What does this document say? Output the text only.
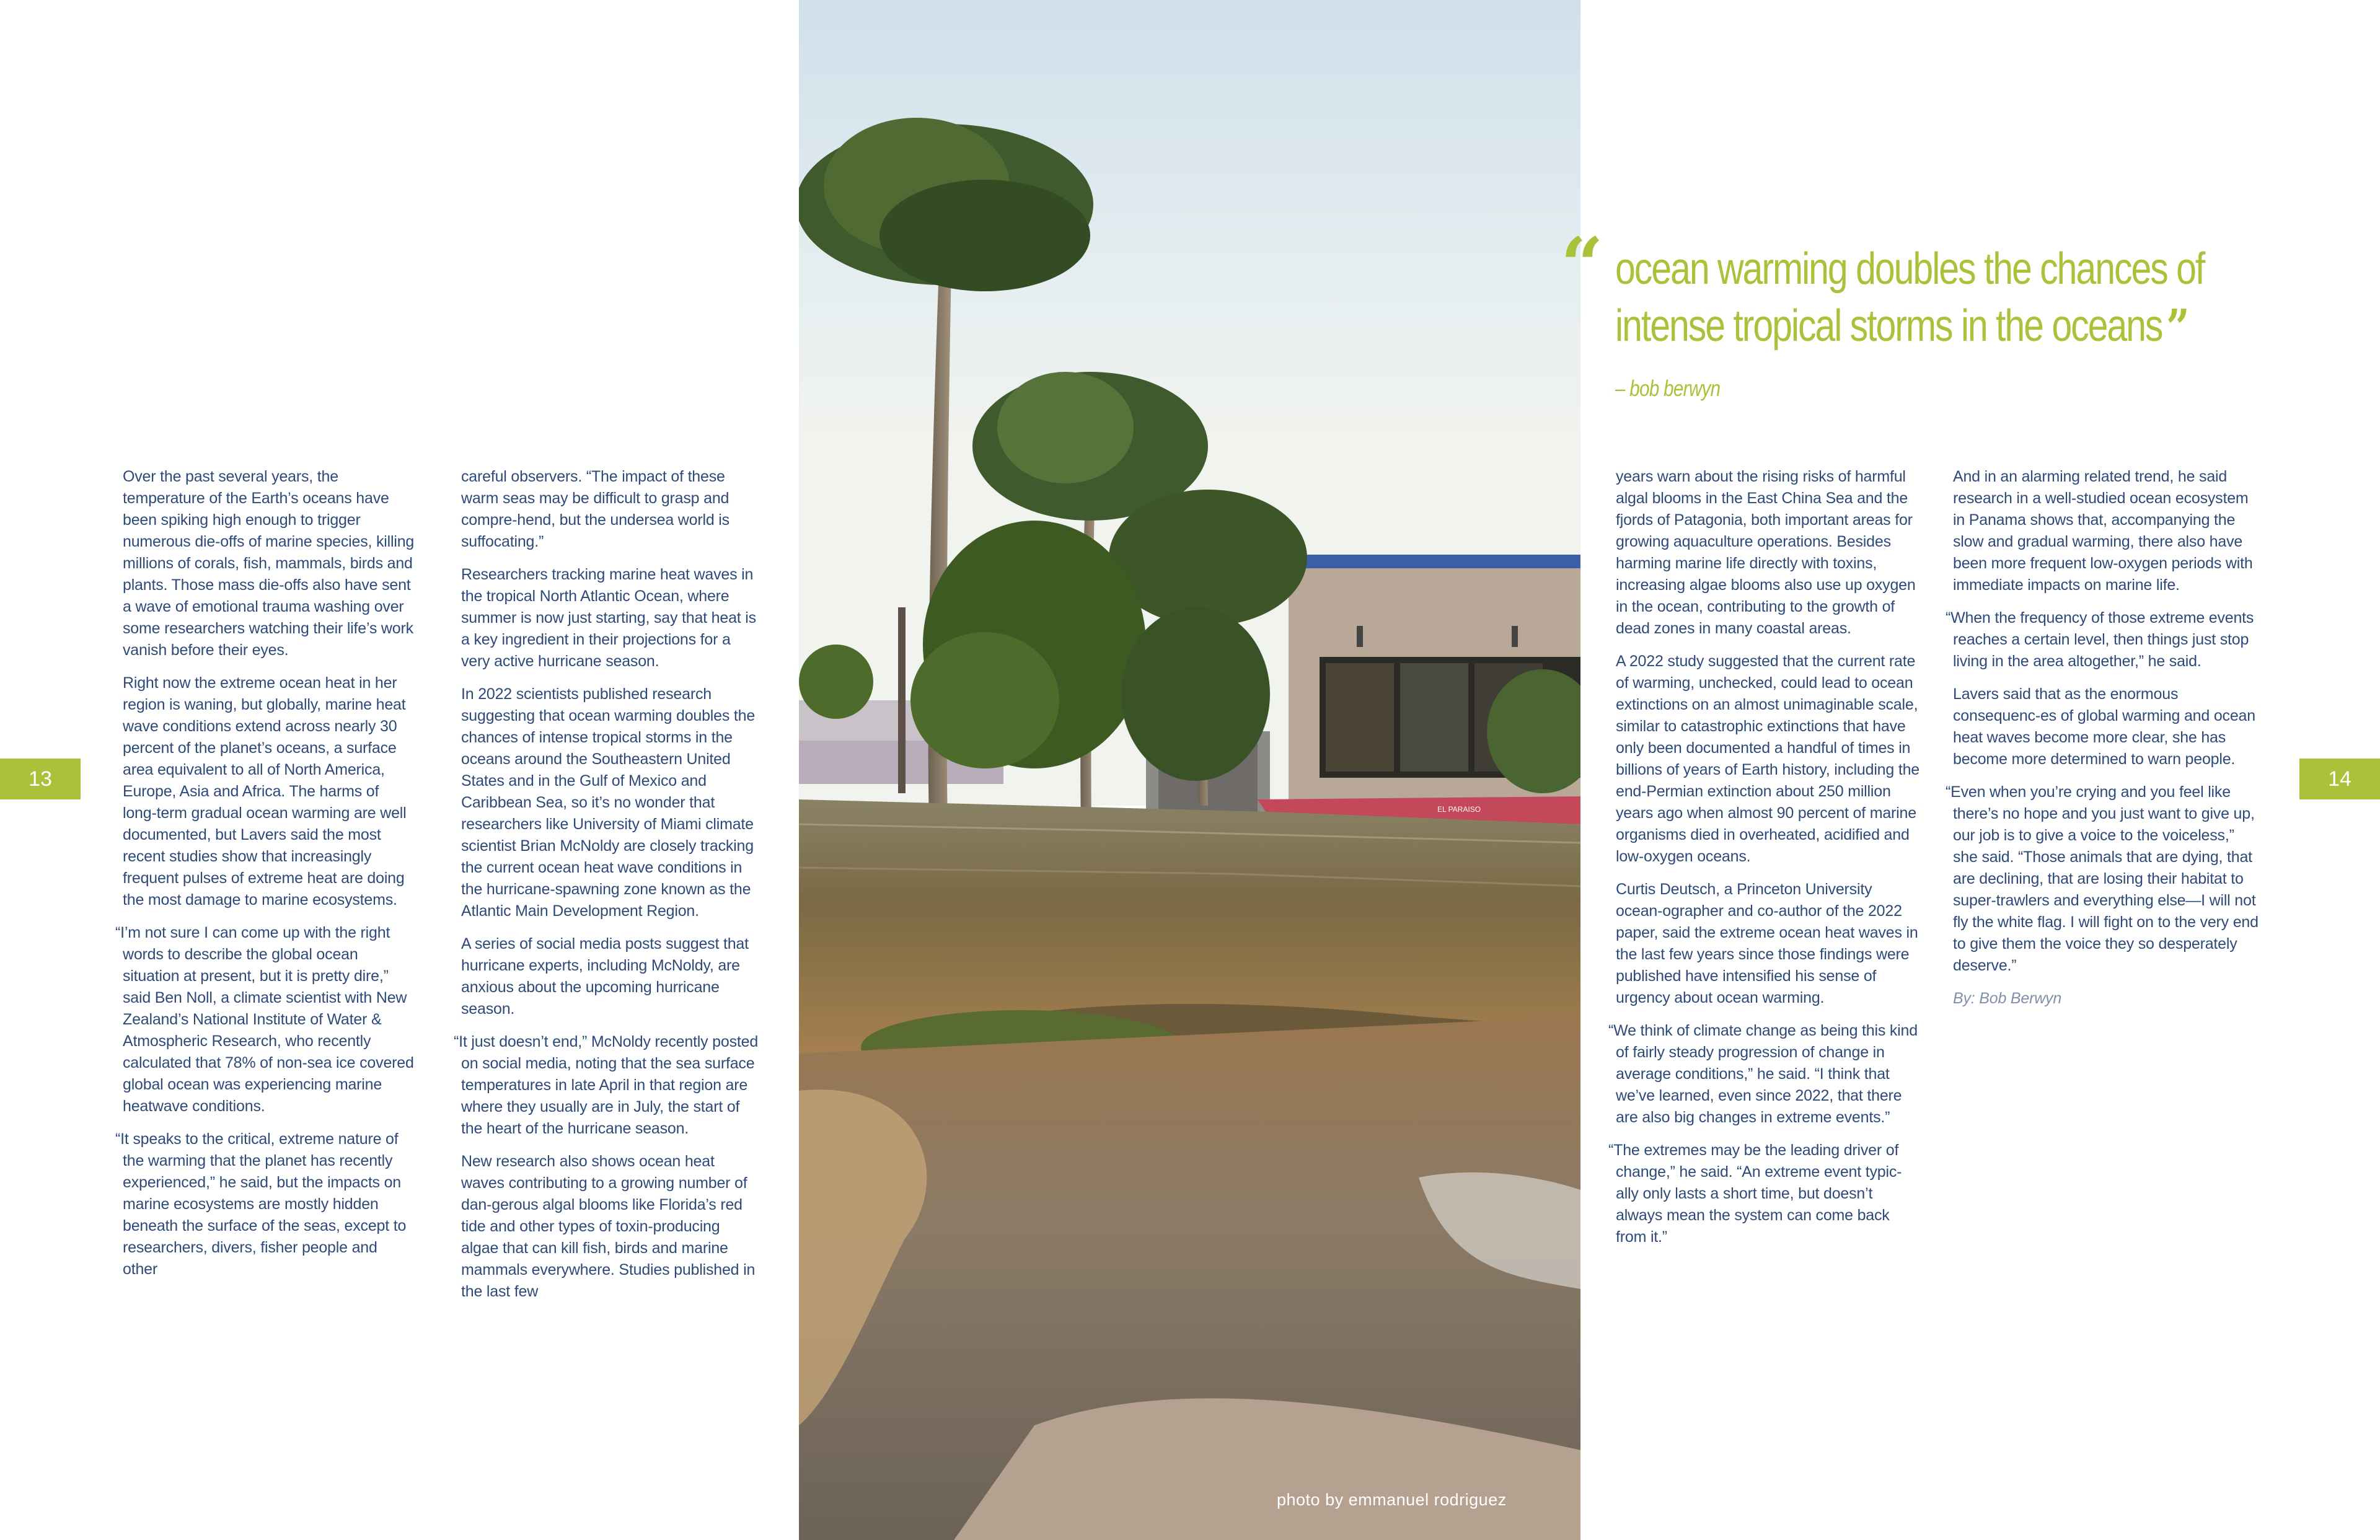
13	14

Over the past several years, the temperature of the Earth’s oceans have been spiking high enough to trigger numerous die-offs of marine species, killing millions of corals, fish, mammals, birds and plants. Those mass die-offs also have sent a wave of emotional trauma washing over some researchers watching their life’s work vanish before their eyes.

Right now the extreme ocean heat in her region is waning, but globally, marine heat wave conditions extend across nearly 30 percent of the planet’s oceans, a surface area equivalent to all of North America, Europe, Asia and Africa. The harms of long-term gradual ocean warming are well documented, but Lavers said the most recent studies show that increasingly frequent pulses of extreme heat are doing the most damage to marine ecosystems.

“I’m not sure I can come up with the right words to describe the global ocean situation at present, but it is pretty dire,” said Ben Noll, a climate scientist with New Zealand’s National Institute of Water & Atmospheric Research, who recently calculated that 78% of non-sea ice covered global ocean was experiencing marine heatwave conditions.

“It speaks to the critical, extreme nature of the warming that the planet has recently experienced,” he said, but the impacts on marine ecosystems are mostly hidden beneath the surface of the seas, except to researchers, divers, fisher people and other

careful observers. “The impact of these warm seas may be difficult to grasp and compre-hend, but the undersea world is suffocating.”

Researchers tracking marine heat waves in the tropical North Atlantic Ocean, where summer is now just starting, say that heat is a key ingredient in their projections for a very active hurricane season.

In 2022 scientists published research suggesting that ocean warming doubles the chances of intense tropical storms in the oceans around the Southeastern United States and in the Gulf of Mexico and Caribbean Sea, so it’s no wonder that researchers like University of Miami climate scientist Brian McNoldy are closely tracking the current ocean heat wave conditions in the hurricane-spawning zone known as the Atlantic Main Development Region.

A series of social media posts suggest that hurricane experts, including McNoldy, are anxious about the upcoming hurricane season.

“It just doesn’t end,” McNoldy recently posted on social media, noting that the sea surface temperatures in late April in that region are where they usually are in July, the start of the heart of the hurricane season.

New research also shows ocean heat waves contributing to a growing number of dan-gerous algal blooms like Florida’s red tide and other types of toxin-producing algae that can kill fish, birds and marine mammals everywhere. Studies published in the last few

EL PARAISO
photo by emmanuel rodriguez
“ ocean warming doubles the chances of intense tropical storms in the oceans”
– bob berwyn

years warn about the rising risks of harmful algal blooms in the East China Sea and the fjords of Patagonia, both important areas for growing aquaculture operations. Besides harming marine life directly with toxins, increasing algae blooms also use up oxygen in the ocean, contributing to the growth of dead zones in many coastal areas.

A 2022 study suggested that the current rate of warming, unchecked, could lead to ocean extinctions on an almost unimaginable scale, similar to catastrophic extinctions that have only been documented a handful of times in billions of years of Earth history, including the end-Permian extinction about 250 million years ago when almost 90 percent of marine organisms died in overheated, acidified and low-oxygen oceans.

Curtis Deutsch, a Princeton University ocean-ographer and co-author of the 2022 paper, said the extreme ocean heat waves in the last few years since those findings were published have intensified his sense of urgency about ocean warming.

“We think of climate change as being this kind of fairly steady progression of change in average conditions,” he said. “I think that we’ve learned, even since 2022, that there are also big changes in extreme events.”

“The extremes may be the leading driver of change,” he said. “An extreme event typic-ally only lasts a short time, but doesn’t always mean the system can come back from it.”

And in an alarming related trend, he said research in a well-studied ocean ecosystem in Panama shows that, accompanying the slow and gradual warming, there also have been more frequent low-oxygen periods with immediate impacts on marine life.

“When the frequency of those extreme events reaches a certain level, then things just stop living in the area altogether,” he said.

Lavers said that as the enormous consequenc-es of global warming and ocean heat waves become more clear, she has become more determined to warn people.

“Even when you’re crying and you feel like there’s no hope and you just want to give up, our job is to give a voice to the voiceless,” she said. “Those animals that are dying, that are declining, that are losing their habitat to super-trawlers and everything else—I will not fly the white flag. I will fight on to the very end to give them the voice they so desperately deserve.”

By: Bob Berwyn
